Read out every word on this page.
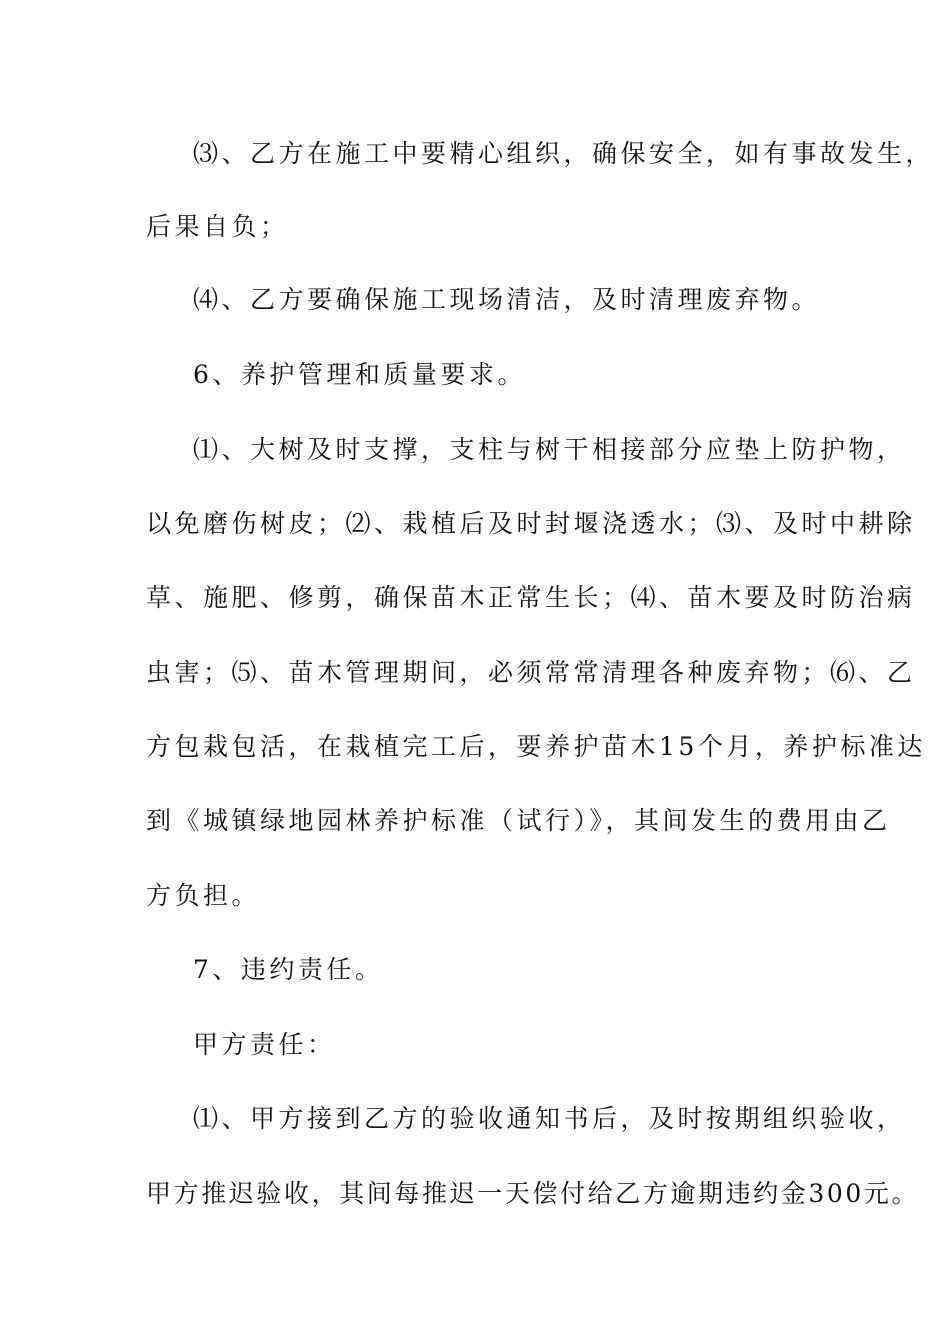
⑶、乙方在施工中要精心组织，确保安全，如有事故发生，
后果自负；
⑷、乙方要确保施工现场清洁，及时清理废弃物。
6、养护管理和质量要求。
⑴、大树及时支撑，支柱与树干相接部分应垫上防护物，
以免磨伤树皮；⑵、栽植后及时封堰浇透水；⑶、及时中耕除
草、施肥、修剪，确保苗木正常生长；⑷、苗木要及时防治病
虫害；⑸、苗木管理期间，必须常常清理各种废弃物；⑹、乙
方包栽包活，在栽植完工后，要养护苗木15个月，养护标准达
到《城镇绿地园林养护标准（试行）》，其间发生的费用由乙
方负担。
7、违约责任。
甲方责任：
⑴、甲方接到乙方的验收通知书后，及时按期组织验收，
甲方推迟验收，其间每推迟一天偿付给乙方逾期违约金300元。
